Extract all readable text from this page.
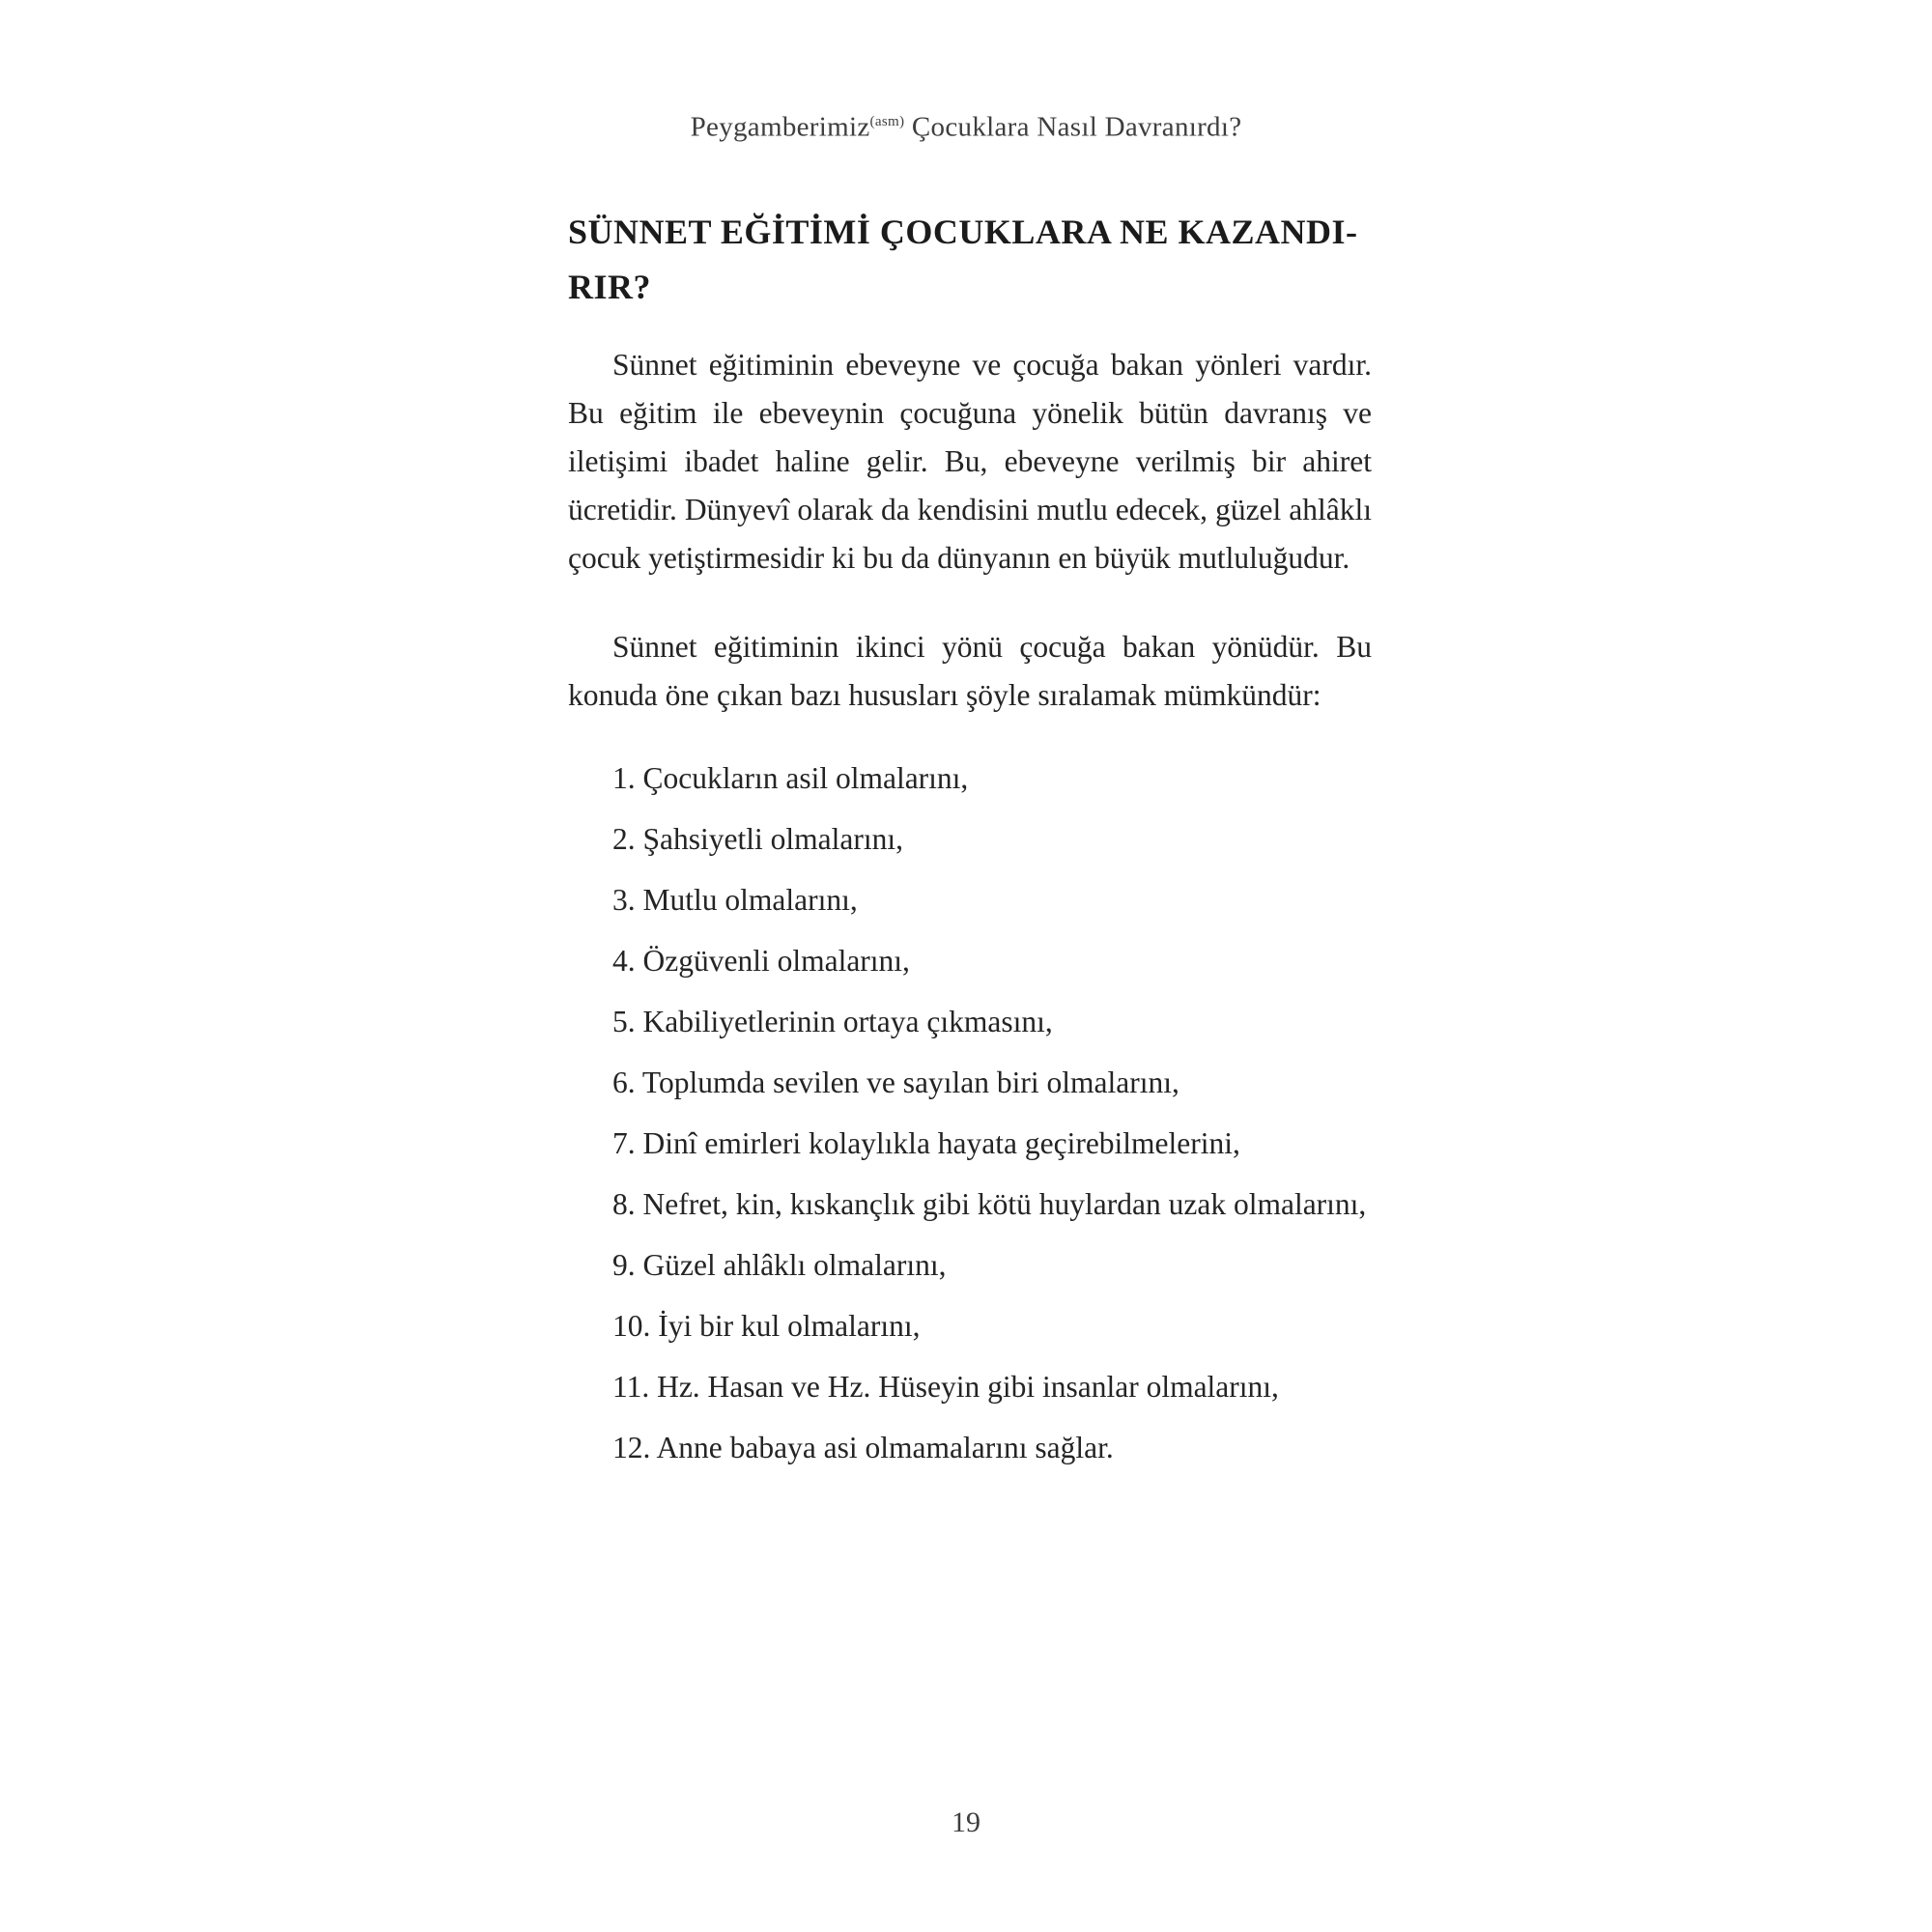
Peygamberimiz$^{(asm)}$ Çocuklara Nasıl Davranırdı?
SÜNNET EĞİTİMİ ÇOCUKLARA NE KAZANDI-
RIR?

Sünnet eğitiminin ebeveyne ve çocuğa bakan yönleri vardır. Bu eğitim ile ebeveynin çocuğuna yönelik bütün davranış ve iletişimi ibadet haline gelir. Bu, ebeveyne verilmiş bir ahiret ücretidir. Dünyevî olarak da kendisini mutlu edecek, güzel ahlâklı çocuk yetiştirmesidir ki bu da dünyanın en büyük mutluluğudur.

Sünnet eğitiminin ikinci yönü çocuğa bakan yönüdür. Bu konuda öne çıkan bazı hususları şöyle sıralamak mümkündür:

1. Çocukların asil olmalarını,

2. Şahsiyetli olmalarını,

3. Mutlu olmalarını,

4. Özgüvenli olmalarını,

5. Kabiliyetlerinin ortaya çıkmasını,

6. Toplumda sevilen ve sayılan biri olmalarını,

7. Dinî emirleri kolaylıkla hayata geçirebilmelerini,

8. Nefret, kin, kıskançlık gibi kötü huylardan uzak olmalarını,

9. Güzel ahlâklı olmalarını,

10. İyi bir kul olmalarını,

11. Hz. Hasan ve Hz. Hüseyin gibi insanlar olmalarını,

12. Anne babaya asi olmamalarını sağlar.

19
